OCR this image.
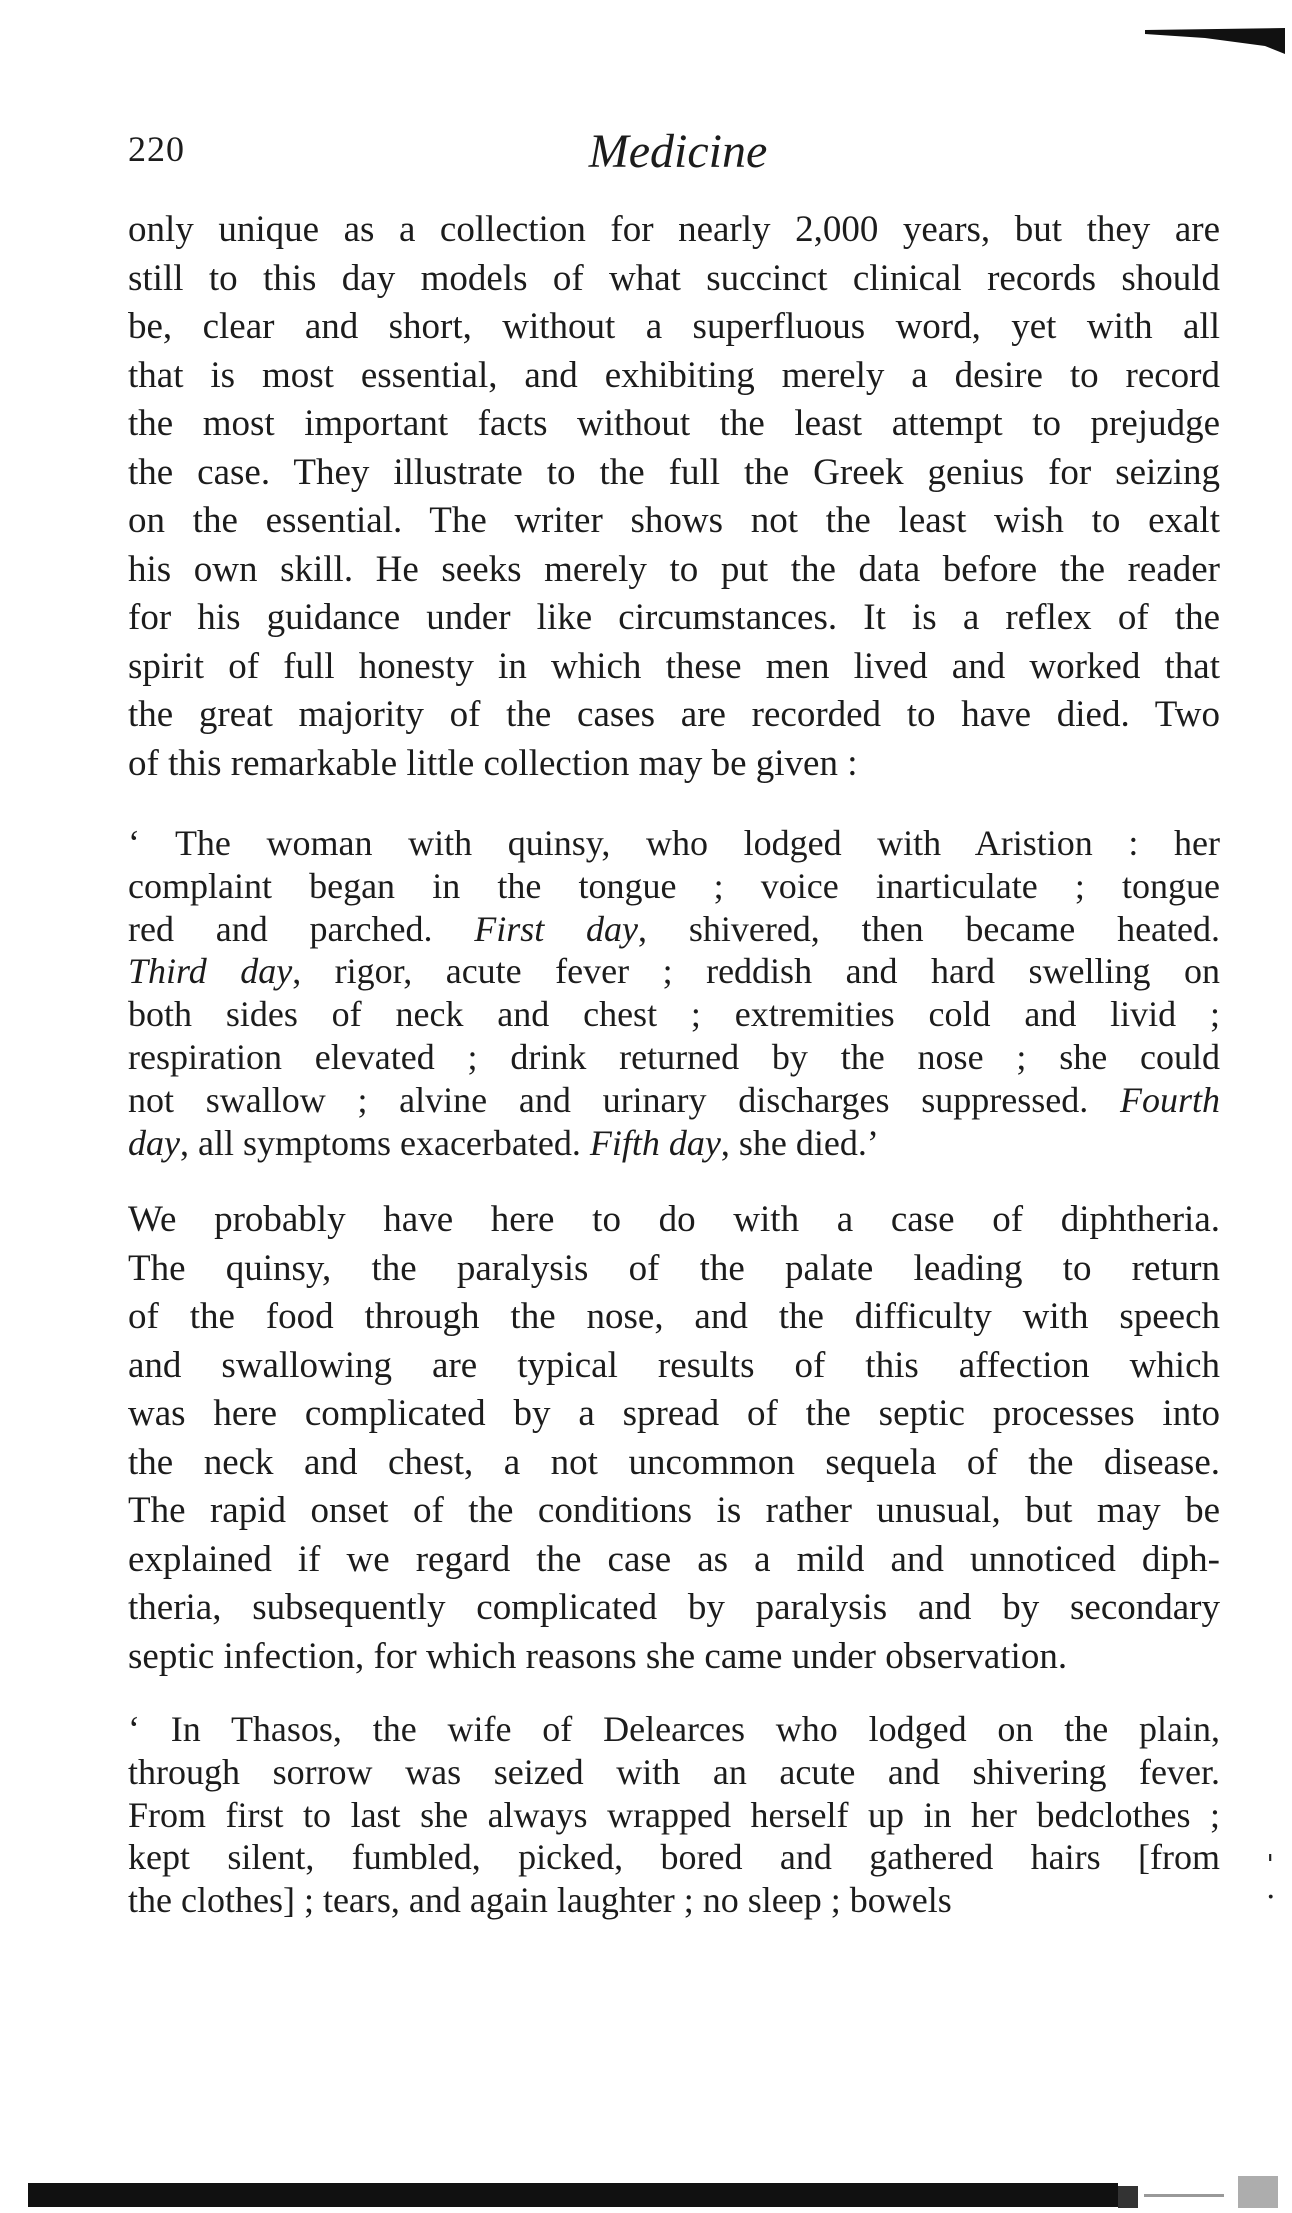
220	Medicine
only unique as a collection for nearly 2,000 years, but they are
still to this day models of what succinct clinical records should
be, clear and short, without a superfluous word, yet with all
that is most essential, and exhibiting merely a desire to record
the most important facts without the least attempt to prejudge
the case. They illustrate to the full the Greek genius for seizing
on the essential. The writer shows not the least wish to exalt
his own skill. He seeks merely to put the data before the reader
for his guidance under like circumstances. It is a reflex of the
spirit of full honesty in which these men lived and worked that
the great majority of the cases are recorded to have died. Two
of this remarkable little collection may be given :
‘ The woman with quinsy, who lodged with Aristion : her
complaint began in the tongue ; voice inarticulate ; tongue
red and parched. First day, shivered, then became heated.
Third day, rigor, acute fever ; reddish and hard swelling on
both sides of neck and chest ; extremities cold and livid ;
respiration elevated ; drink returned by the nose ; she could
not swallow ; alvine and urinary discharges suppressed. Fourth
day, all symptoms exacerbated. Fifth day, she died.’
We probably have here to do with a case of diphtheria.
The quinsy, the paralysis of the palate leading to return
of the food through the nose, and the difficulty with speech
and swallowing are typical results of this affection which
was here complicated by a spread of the septic processes into
the neck and chest, a not uncommon sequela of the disease.
The rapid onset of the conditions is rather unusual, but may be
explained if we regard the case as a mild and unnoticed diph-
theria, subsequently complicated by paralysis and by secondary
septic infection, for which reasons she came under observation.
‘ In Thasos, the wife of Delearces who lodged on the plain,
through sorrow was seized with an acute and shivering fever.
From first to last she always wrapped herself up in her bedclothes ;
kept silent, fumbled, picked, bored and gathered hairs [from
the clothes] ; tears, and again laughter ; no sleep ; bowels
ˈ
·
